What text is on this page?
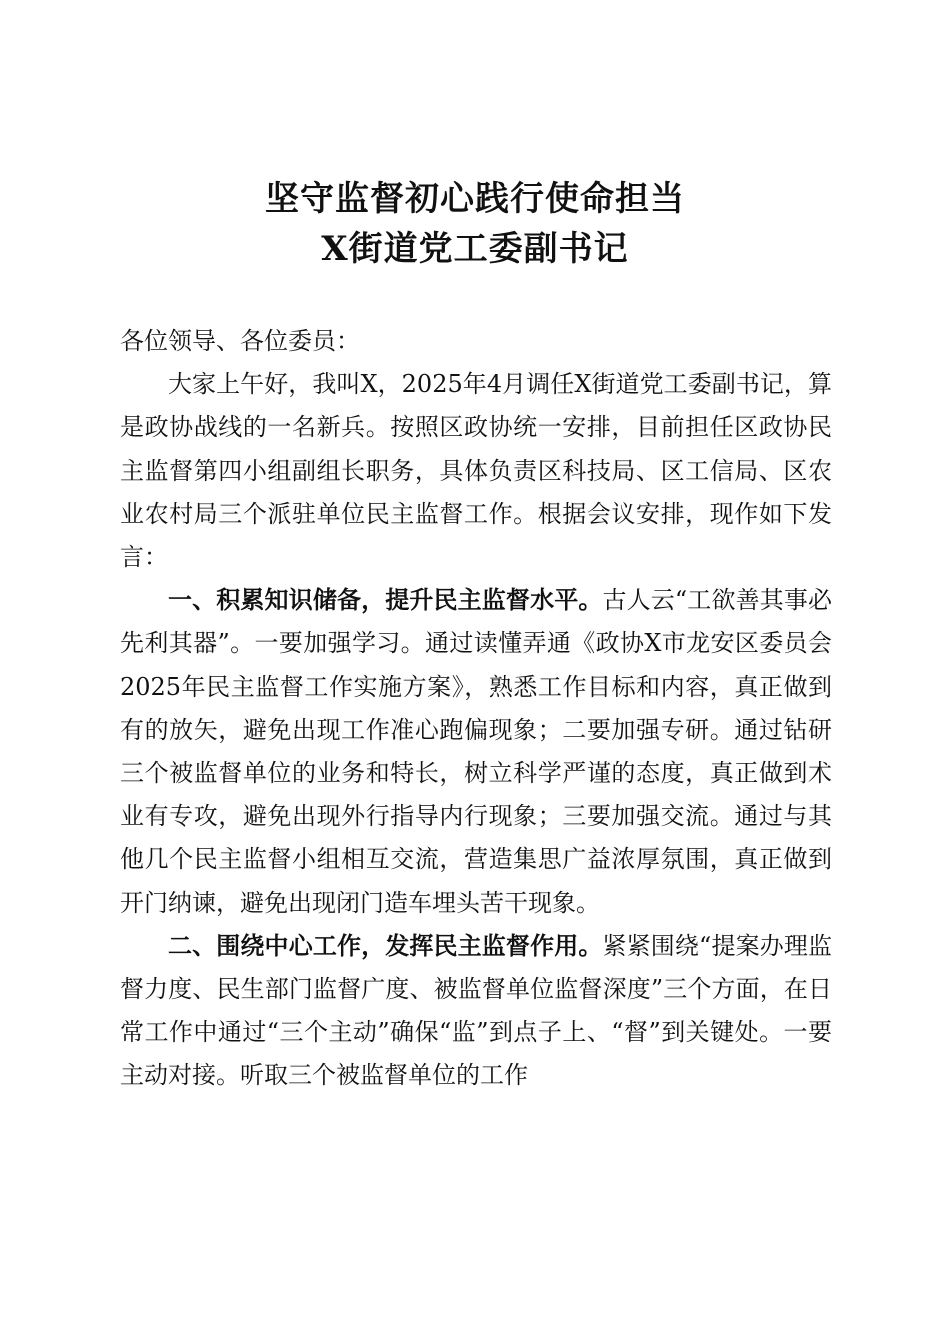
坚守监督初心践行使命担当
X街道党工委副书记

各位领导、各位委员：

大家上午好，我叫X，2025年4月调任X街道党工委副书记，算是政协战线的一名新兵。按照区政协统一安排，目前担任区政协民主监督第四小组副组长职务，具体负责区科技局、区工信局、区农业农村局三个派驻单位民主监督工作。根据会议安排，现作如下发言：

一、积累知识储备，提升民主监督水平。古人云“工欲善其事必先利其器”。一要加强学习。通过读懂弄通《政协X市龙安区委员会2025年民主监督工作实施方案》，熟悉工作目标和内容，真正做到有的放矢，避免出现工作准心跑偏现象；二要加强专研。通过钻研三个被监督单位的业务和特长，树立科学严谨的态度，真正做到术业有专攻，避免出现外行指导内行现象；三要加强交流。通过与其他几个民主监督小组相互交流，营造集思广益浓厚氛围，真正做到开门纳谏，避免出现闭门造车埋头苦干现象。

二、围绕中心工作，发挥民主监督作用。紧紧围绕“提案办理监督力度、民生部门监督广度、被监督单位监督深度”三个方面，在日常工作中通过“三个主动”确保“监”到点子上、“督”到关键处。一要主动对接。听取三个被监督单位的工作
